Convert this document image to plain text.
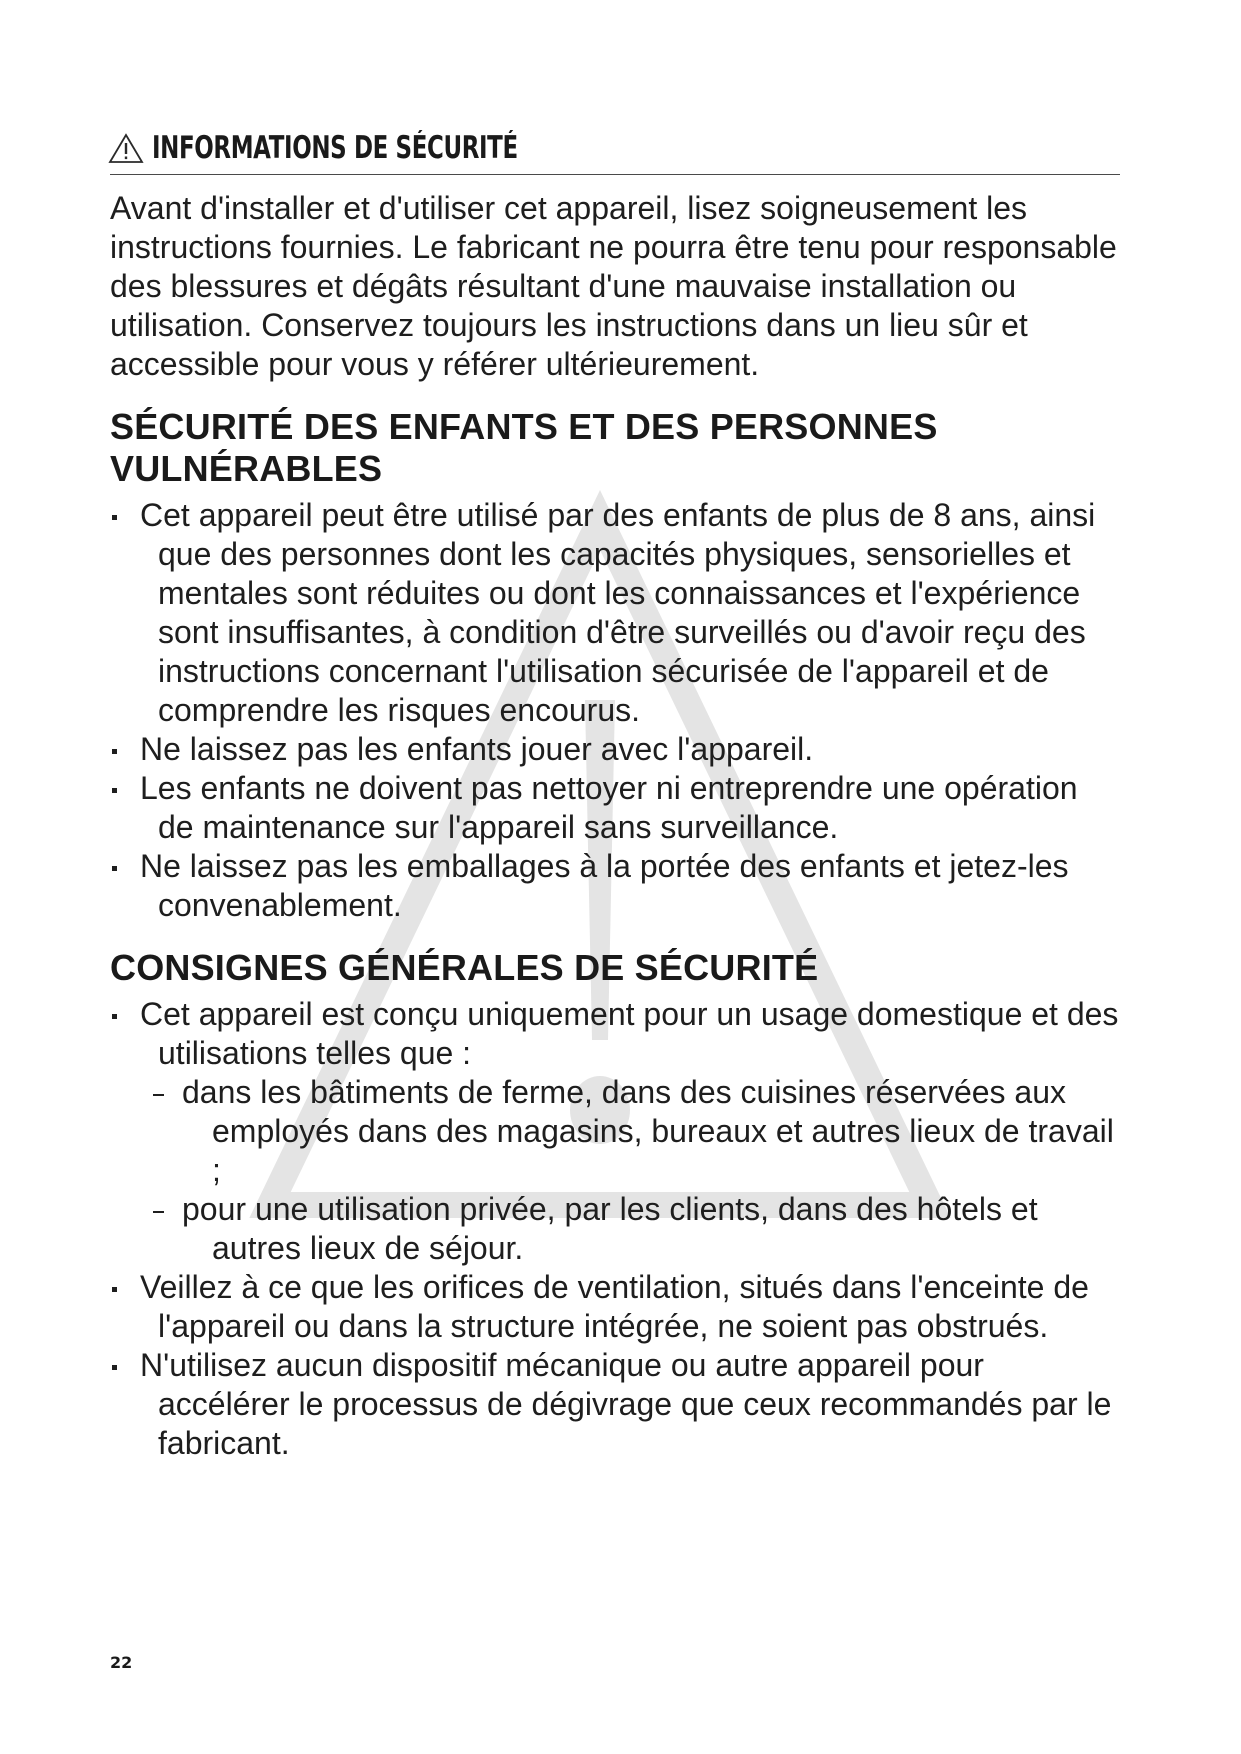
INFORMATIONS DE SÉCURITÉ

Avant d'installer et d'utiliser cet appareil, lisez soigneusement les instructions fournies. Le fabricant ne pourra être tenu pour responsable des blessures et dégâts résultant d'une mauvaise installation ou utilisation. Conservez toujours les instructions dans un lieu sûr et accessible pour vous y référer ultérieurement.

SÉCURITÉ DES ENFANTS ET DES PERSONNES VULNÉRABLES
Cet appareil peut être utilisé par des enfants de plus de 8 ans, ainsi que des personnes dont les capacités physiques, sensorielles et mentales sont réduites ou dont les connaissances et l'expérience sont insuffisantes, à condition d'être surveillés ou d'avoir reçu des instructions concernant l'utilisation sécurisée de l'appareil et de comprendre les risques encourus.
Ne laissez pas les enfants jouer avec l'appareil.
Les enfants ne doivent pas nettoyer ni entreprendre une opération de maintenance sur l'appareil sans surveillance.
Ne laissez pas les emballages à la portée des enfants et jetez-les convenablement.
CONSIGNES GÉNÉRALES DE SÉCURITÉ
Cet appareil est conçu uniquement pour un usage domestique et des utilisations telles que :
dans les bâtiments de ferme, dans des cuisines réservées aux employés dans des magasins, bureaux et autres lieux de travail ;
pour une utilisation privée, par les clients, dans des hôtels et autres lieux de séjour.
Veillez à ce que les orifices de ventilation, situés dans l'enceinte de l'appareil ou dans la structure intégrée, ne soient pas obstrués.
N'utilisez aucun dispositif mécanique ou autre appareil pour accélérer le processus de dégivrage que ceux recommandés par le fabricant.
22
